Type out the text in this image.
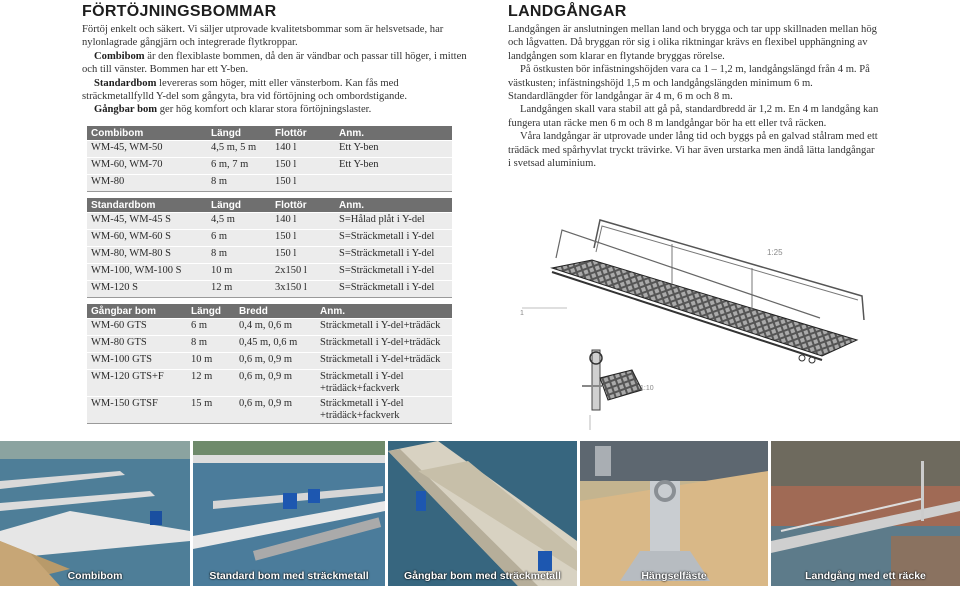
FÖRTÖJNINGSBOMMAR

Förtöj enkelt och säkert. Vi säljer utprovade kvalitetsbommar som är helsvetsade, har nylonlagrade gångjärn och integrerade flytkroppar.

Combibom är den flexiblaste bommen, då den är vändbar och passar till höger, i mitten och till vänster. Bommen har ett Y-ben.

Standardbom levereras som höger, mitt eller vänsterbom. Kan fås med sträckmetallfylld Y-del som gångyta, bra vid förtöjning och ombordstigande.

Gångbar bom ger hög komfort och klarar stora förtöjningslaster.

Combibom	Längd	Flottör	Anm.
WM-45, WM-50	4,5 m, 5 m	140 l	Ett Y-ben
WM-60, WM-70	6 m, 7 m	150 l	Ett Y-ben
WM-80	8 m	150 l	
Standardbom	Längd	Flottör	Anm.
WM-45, WM-45 S	4,5 m	140 l	S=Hålad plåt i Y-del
WM-60, WM-60 S	6 m	150 l	S=Sträckmetall i Y-del
WM-80, WM-80 S	8 m	150 l	S=Sträckmetall i Y-del
WM-100, WM-100 S	10 m	2x150 l	S=Sträckmetall i Y-del
WM-120 S	12 m	3x150 l	S=Sträckmetall i Y-del
Gångbar bom	Längd	Bredd	Anm.
WM-60 GTS	6 m	0,4 m, 0,6 m	Sträckmetall i Y-del+trädäck
WM-80 GTS	8 m	0,45 m, 0,6 m	Sträckmetall i Y-del+trädäck
WM-100 GTS	10 m	0,6 m, 0,9 m	Sträckmetall i Y-del+trädäck
WM-120 GTS+F	12 m	0,6 m, 0,9 m	Sträckmetall i Y-del +trädäck+fackverk
WM-150 GTSF	15 m	0,6 m, 0,9 m	Sträckmetall i Y-del +trädäck+fackverk
LANDGÅNGAR

Landgången är anslutningen mellan land och brygga och tar upp skillnaden mellan hög och lågvatten. Då bryggan rör sig i olika riktningar krävs en flexibel upphängning av landgången som klarar en flytande bryggas rörelse.

På östkusten bör infästningshöjden vara ca 1 – 1,2 m, landgångslängd från 4 m. På västkusten; infästningshöjd 1,5 m och landgångslängden minimum 6 m. Standardlängder för landgångar är 4 m, 6 m och 8 m.

Landgången skall vara stabil att gå på, standardbredd är 1,2 m. En 4 m landgång kan fungera utan räcke men 6 m och 8 m landgångar bör ha ett eller två räcken.

Våra landgångar är utprovade under lång tid och byggs på en galvad stålram med ett trädäck med spårhyvlat tryckt trävirke. Vi har även urstarka men ändå lätta landgångar i svetsad aluminium.

1
1:25
1:10
Combibom	Standard bom med sträckmetall	Gångbar bom med sträckmetall	Hängselfäste	Landgång med ett räcke
